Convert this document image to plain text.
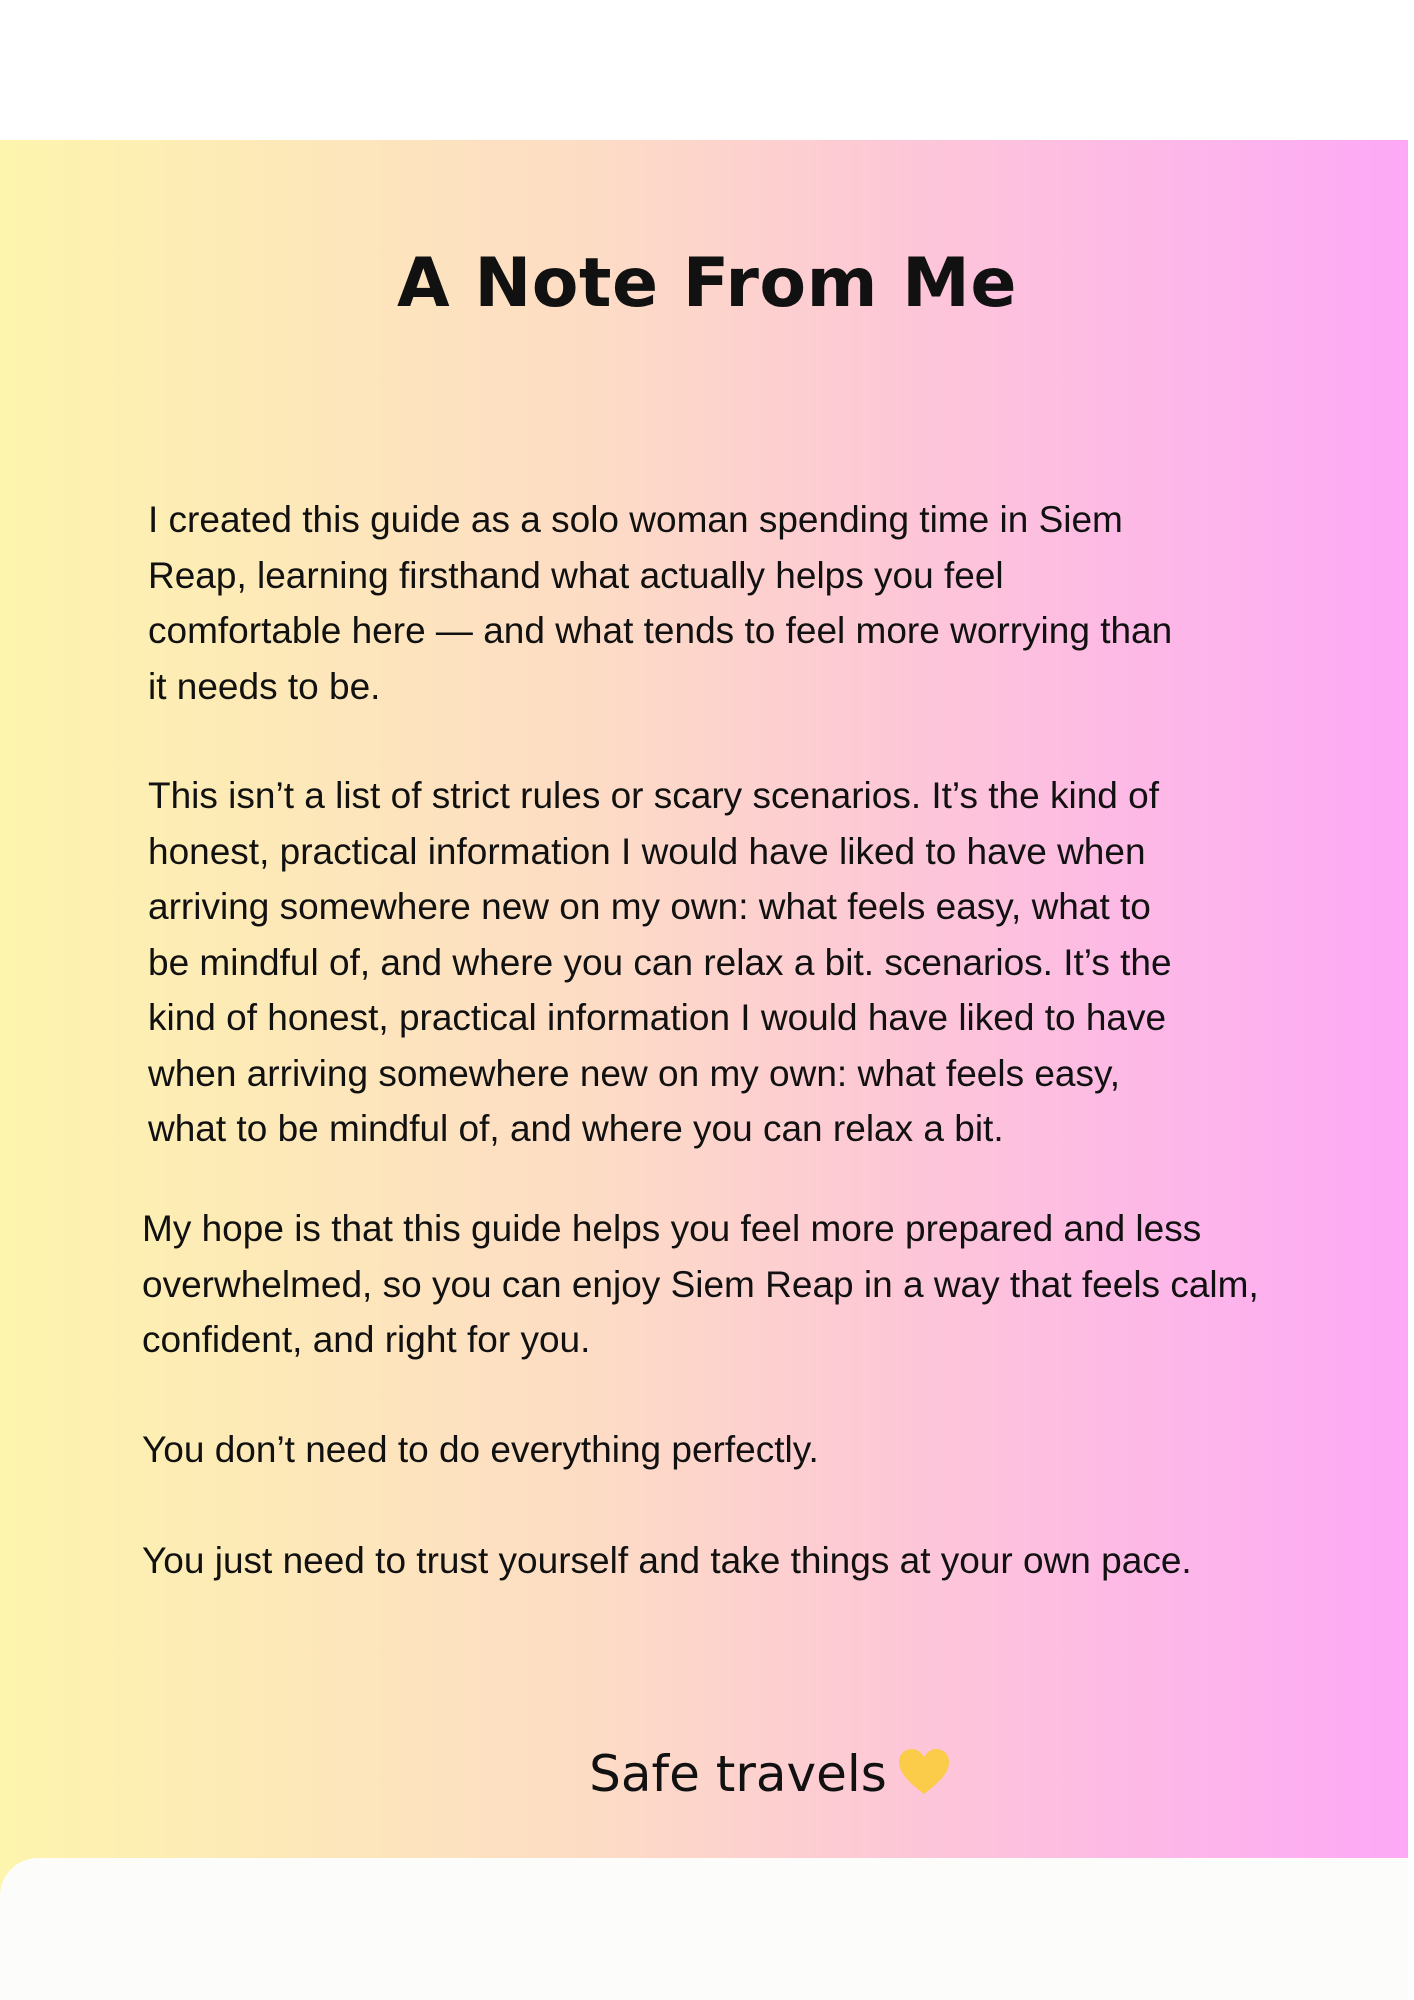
A Note From Me

I created this guide as a solo woman spending time in Siem
Reap, learning firsthand what actually helps you feel
comfortable here — and what tends to feel more worrying than
it needs to be.

This isn’t a list of strict rules or scary scenarios. It’s the kind of
honest, practical information I would have liked to have when
arriving somewhere new on my own: what feels easy, what to
be mindful of, and where you can relax a bit. scenarios. It’s the
kind of honest, practical information I would have liked to have
when arriving somewhere new on my own: what feels easy,
what to be mindful of, and where you can relax a bit.

My hope is that this guide helps you feel more prepared and less
overwhelmed, so you can enjoy Siem Reap in a way that feels calm,
confident, and right for you.

You don’t need to do everything perfectly.

You just need to trust yourself and take things at your own pace.

Safe travels
